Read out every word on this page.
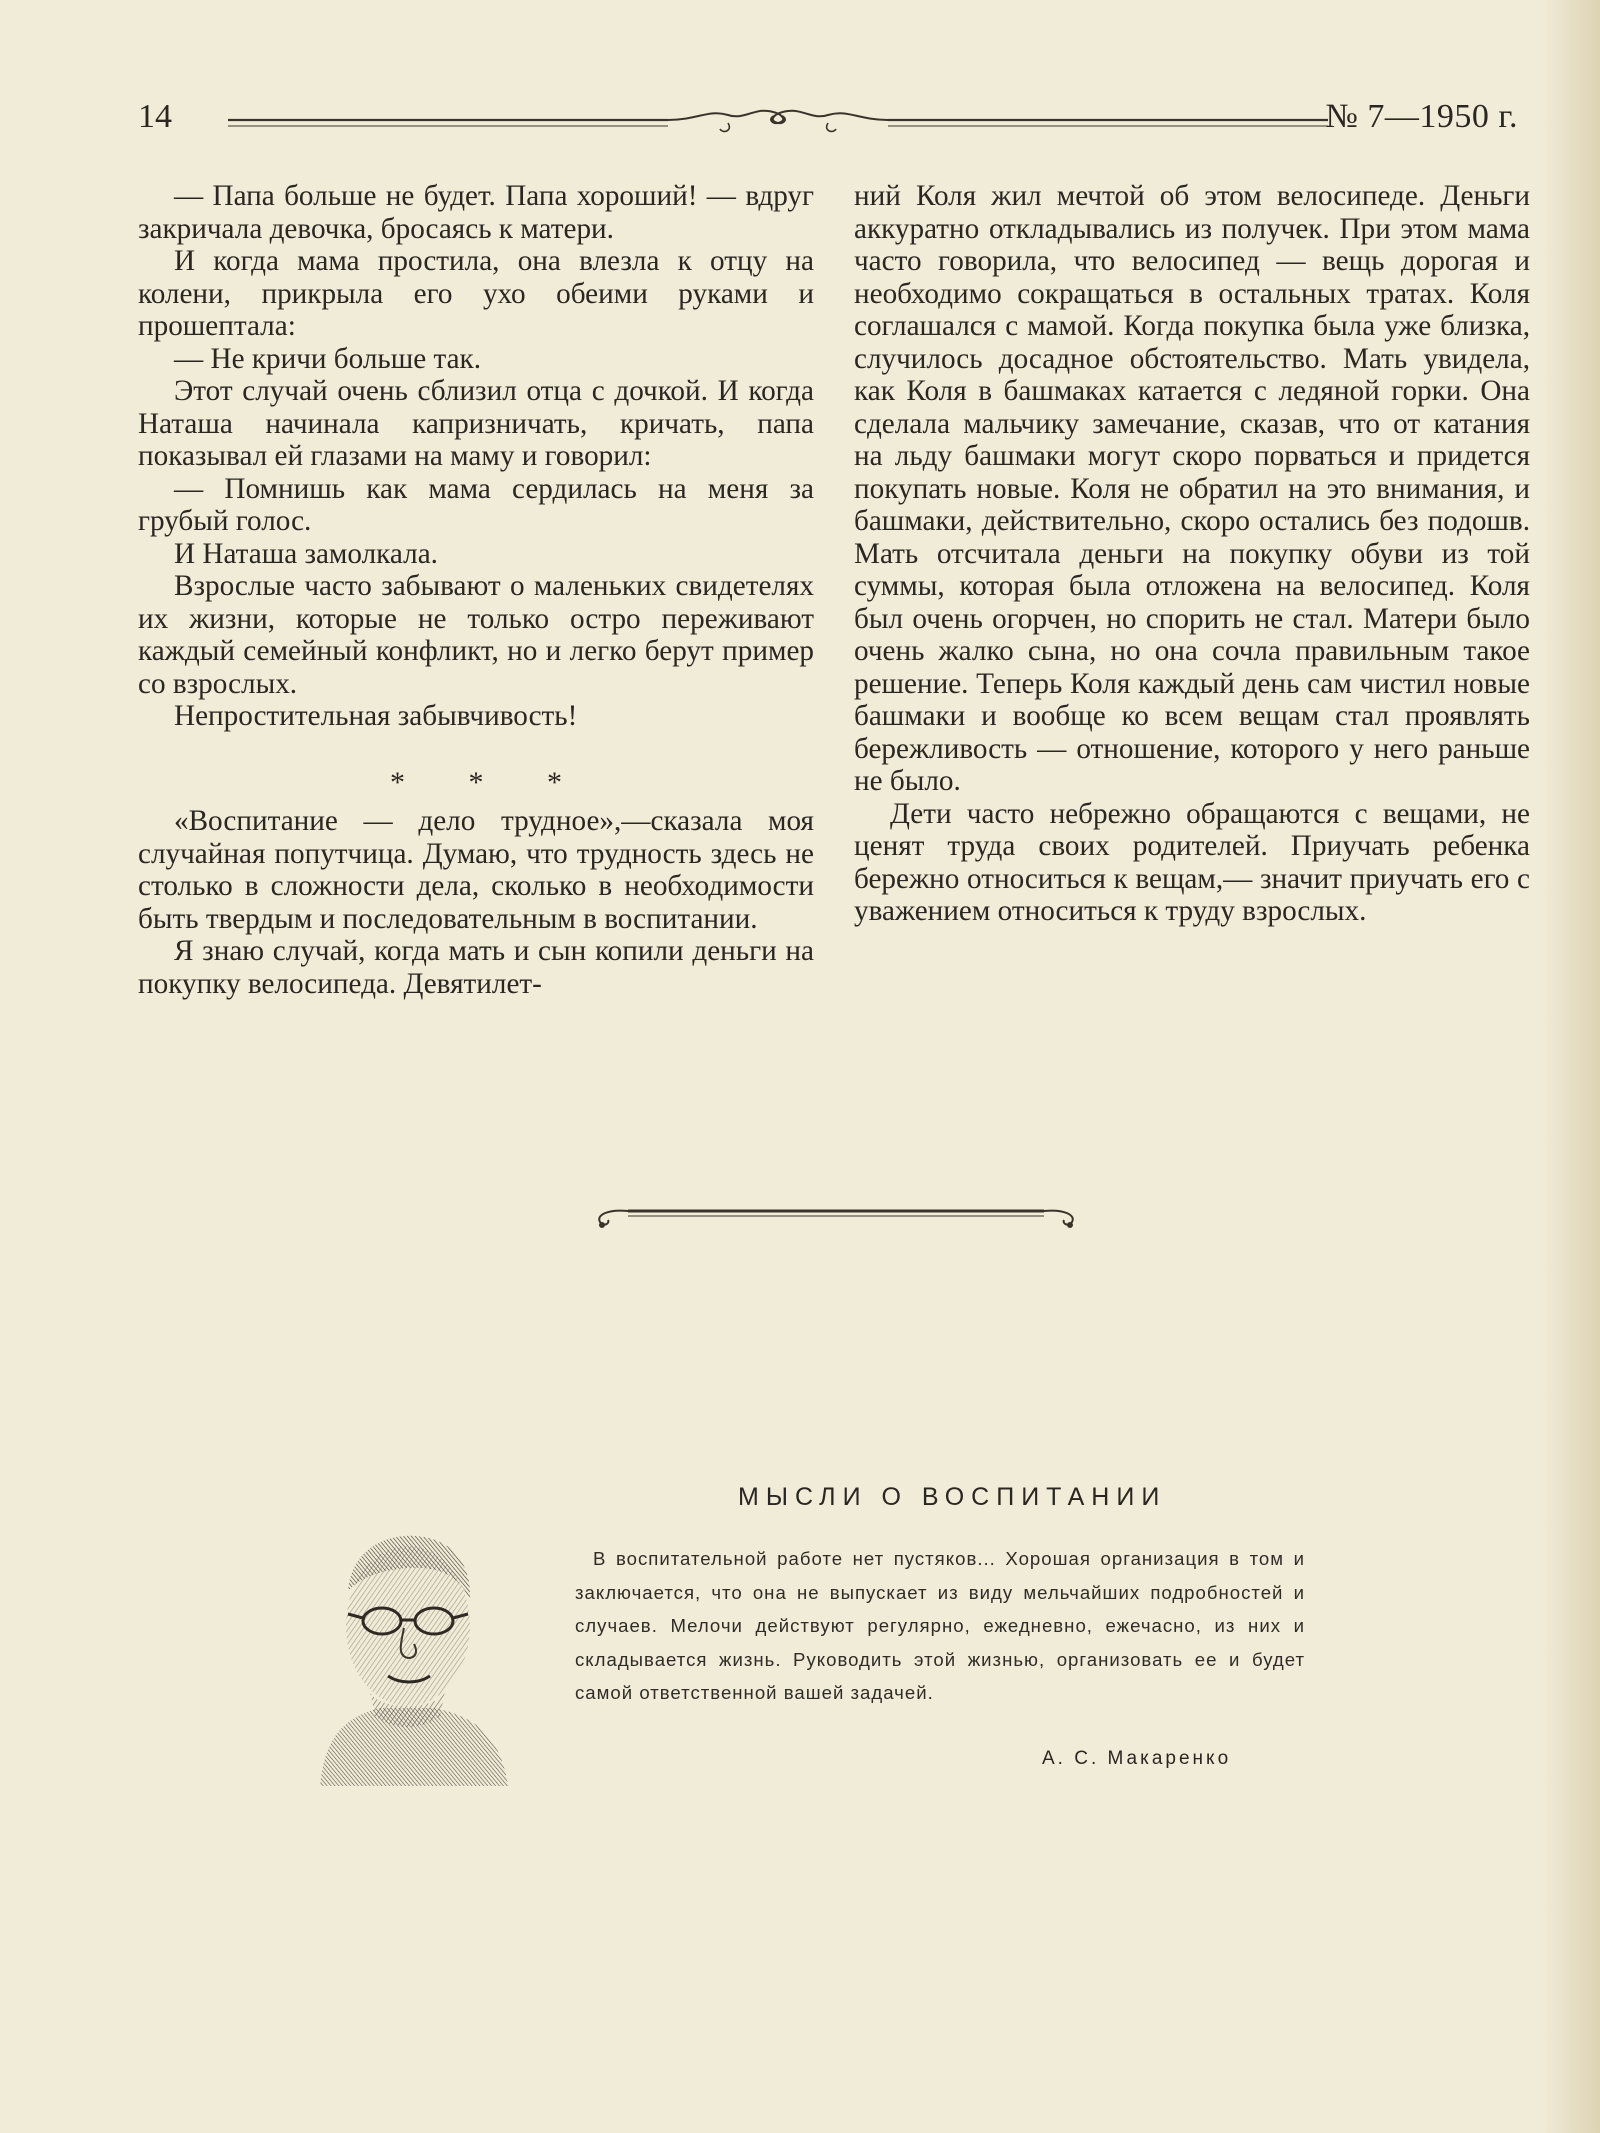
14	№ 7—1950 г.

— Папа больше не будет. Папа хороший! — вдруг закричала девочка, бросаясь к матери.

И когда мама простила, она влезла к отцу на колени, прикрыла его ухо обеими руками и прошептала:

— Не кричи больше так.

Этот случай очень сблизил отца с дочкой. И когда Наташа начинала капризничать, кричать, папа показывал ей глазами на маму и говорил:

— Помнишь как мама сердилась на меня за грубый голос.

И Наташа замолкала.

Взрослые часто забывают о маленьких свидетелях их жизни, которые не только остро переживают каждый семейный конфликт, но и легко берут пример со взрослых.

Непростительная забывчивость!

* * *

«Воспитание — дело трудное»,—сказала моя случайная попутчица. Думаю, что трудность здесь не столько в сложности дела, сколько в необходимости быть твердым и последовательным в воспитании.

Я знаю случай, когда мать и сын копили деньги на покупку велосипеда. Девятилет-

ний Коля жил мечтой об этом велосипеде. Деньги аккуратно откладывались из получек. При этом мама часто говорила, что велосипед — вещь дорогая и необходимо сокращаться в остальных тратах. Коля соглашался с мамой. Когда покупка была уже близка, случилось досадное обстоятельство. Мать увидела, как Коля в башмаках катается с ледяной горки. Она сделала мальчику замечание, сказав, что от катания на льду башмаки могут скоро порваться и придется покупать новые. Коля не обратил на это внимания, и башмаки, действительно, скоро остались без подошв. Мать отсчитала деньги на покупку обуви из той суммы, которая была отложена на велосипед. Коля был очень огорчен, но спорить не стал. Матери было очень жалко сына, но она сочла правильным такое решение. Теперь Коля каждый день сам чистил новые башмаки и вообще ко всем вещам стал проявлять бережливость — отношение, которого у него раньше не было.

Дети часто небрежно обращаются с вещами, не ценят труда своих родителей. Приучать ребенка бережно относиться к вещам,— значит приучать его с уважением относиться к труду взрослых.

МЫСЛИ О ВОСПИТАНИИ
В воспитательной работе нет пустяков... Хорошая организация в том и заключается, что она не выпускает из виду мельчайших подробностей и случаев. Мелочи действуют регулярно, ежедневно, ежечасно, из них и складывается жизнь. Руководить этой жизнью, организовать ее и будет самой ответственной вашей задачей.
А. С. Макаренко
